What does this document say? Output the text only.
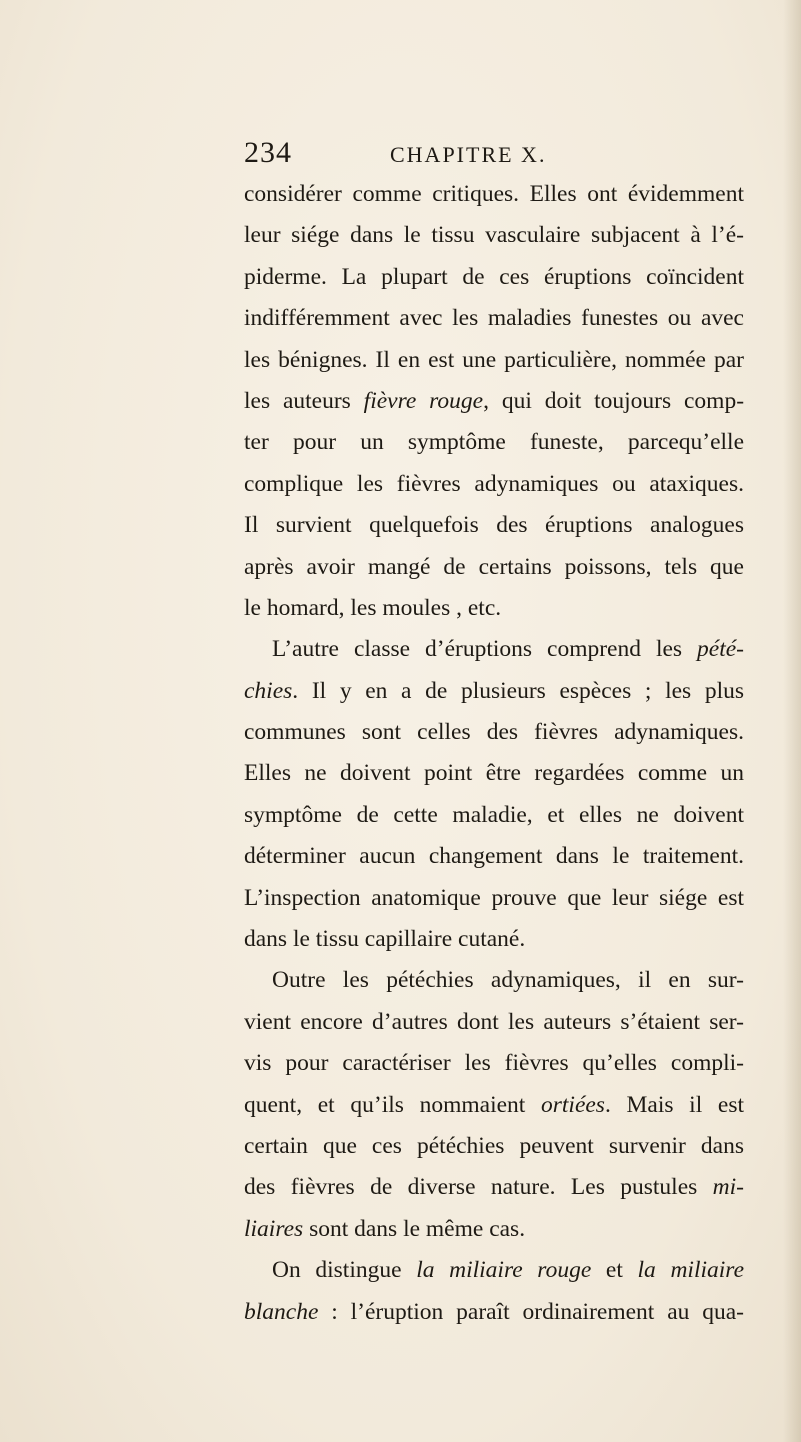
234	CHAPITRE X.
considérer comme critiques. Elles ont évidemment
leur siége dans le tissu vasculaire subjacent à l’é-
piderme. La plupart de ces éruptions coïncident
indifféremment avec les maladies funestes ou avec
les bénignes. Il en est une particulière, nommée par
les auteurs fièvre rouge, qui doit toujours comp-
ter pour un symptôme funeste, parcequ’elle
complique les fièvres adynamiques ou ataxiques.
Il survient quelquefois des éruptions analogues
après avoir mangé de certains poissons, tels que
le homard, les moules , etc.
L’autre classe d’éruptions comprend les pété-
chies. Il y en a de plusieurs espèces ; les plus
communes sont celles des fièvres adynamiques.
Elles ne doivent point être regardées comme un
symptôme de cette maladie, et elles ne doivent
déterminer aucun changement dans le traitement.
L’inspection anatomique prouve que leur siége est
dans le tissu capillaire cutané.
Outre les pétéchies adynamiques, il en sur-
vient encore d’autres dont les auteurs s’étaient ser-
vis pour caractériser les fièvres qu’elles compli-
quent, et qu’ils nommaient ortiées. Mais il est
certain que ces pétéchies peuvent survenir dans
des fièvres de diverse nature. Les pustules mi-
liaires sont dans le même cas.
On distingue la miliaire rouge et la miliaire
blanche : l’éruption paraît ordinairement au qua-
